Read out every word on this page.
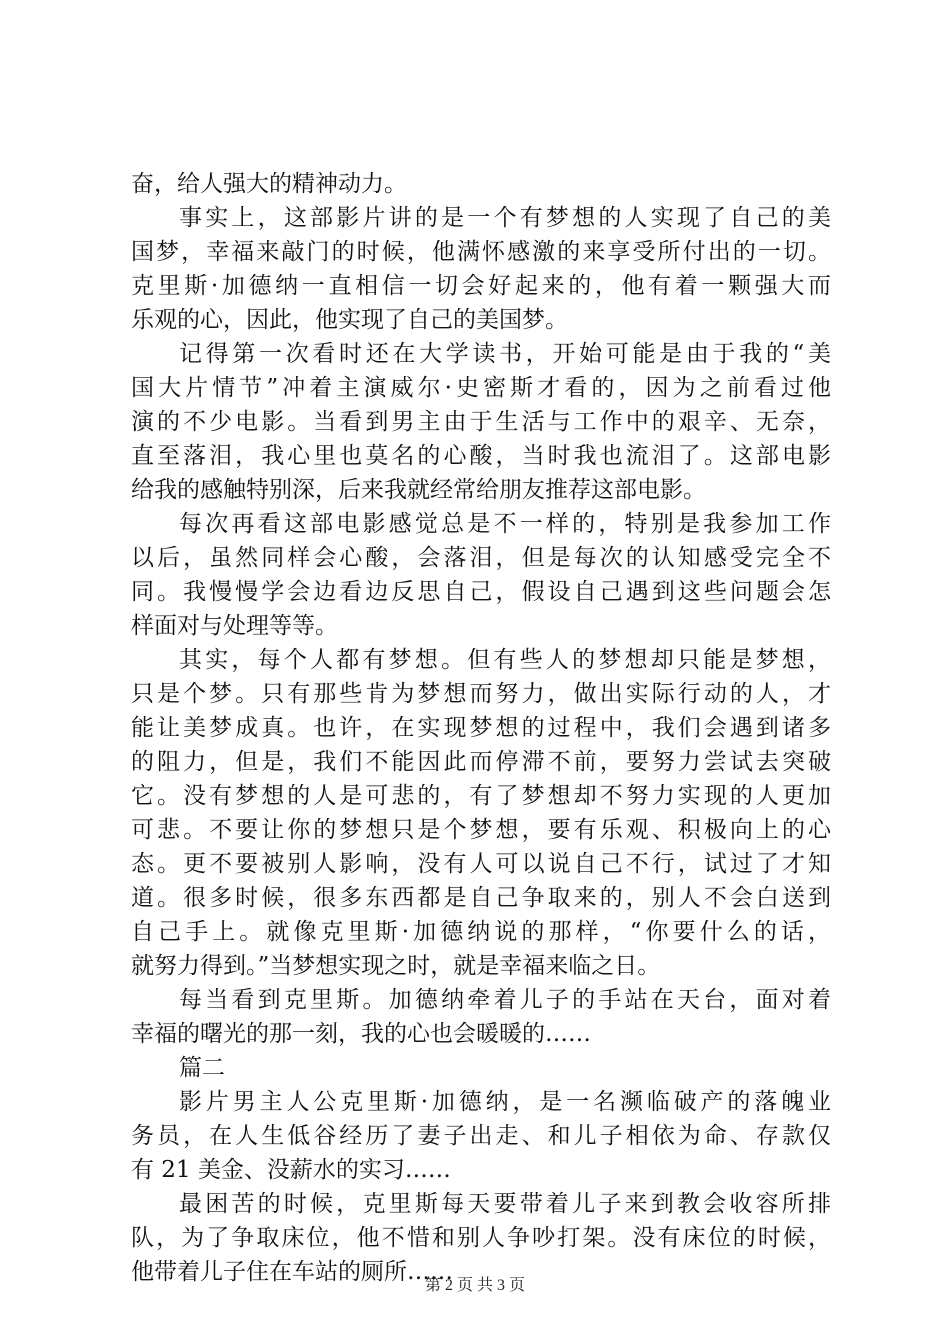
奋，给人强大的精神动力。
事实上，这部影片讲的是一个有梦想的人实现了自己的美
国梦，幸福来敲门的时候，他满怀感激的来享受所付出的一切。
克里斯·加德纳一直相信一切会好起来的，他有着一颗强大而
乐观的心，因此，他实现了自己的美国梦。
记得第一次看时还在大学读书，开始可能是由于我的“美
国大片情节”冲着主演威尔·史密斯才看的，因为之前看过他
演的不少电影。当看到男主由于生活与工作中的艰辛、无奈，
直至落泪，我心里也莫名的心酸，当时我也流泪了。这部电影
给我的感触特别深，后来我就经常给朋友推荐这部电影。
每次再看这部电影感觉总是不一样的，特别是我参加工作
以后，虽然同样会心酸，会落泪，但是每次的认知感受完全不
同。我慢慢学会边看边反思自己，假设自己遇到这些问题会怎
样面对与处理等等。
其实，每个人都有梦想。但有些人的梦想却只能是梦想，
只是个梦。只有那些肯为梦想而努力，做出实际行动的人，才
能让美梦成真。也许，在实现梦想的过程中，我们会遇到诸多
的阻力，但是，我们不能因此而停滞不前，要努力尝试去突破
它。没有梦想的人是可悲的，有了梦想却不努力实现的人更加
可悲。不要让你的梦想只是个梦想，要有乐观、积极向上的心
态。更不要被别人影响，没有人可以说自己不行，试过了才知
道。很多时候，很多东西都是自己争取来的，别人不会白送到
自己手上。就像克里斯·加德纳说的那样，“你要什么的话，
就努力得到。”当梦想实现之时，就是幸福来临之日。
每当看到克里斯。加德纳牵着儿子的手站在天台，面对着
幸福的曙光的那一刻，我的心也会暖暖的……
篇二
影片男主人公克里斯·加德纳，是一名濒临破产的落魄业
务员，在人生低谷经历了妻子出走、和儿子相依为命、存款仅
有 21 美金、没薪水的实习……
最困苦的时候，克里斯每天要带着儿子来到教会收容所排
队，为了争取床位，他不惜和别人争吵打架。没有床位的时候，
他带着儿子住在车站的厕所……
第 2 页 共 3 页
